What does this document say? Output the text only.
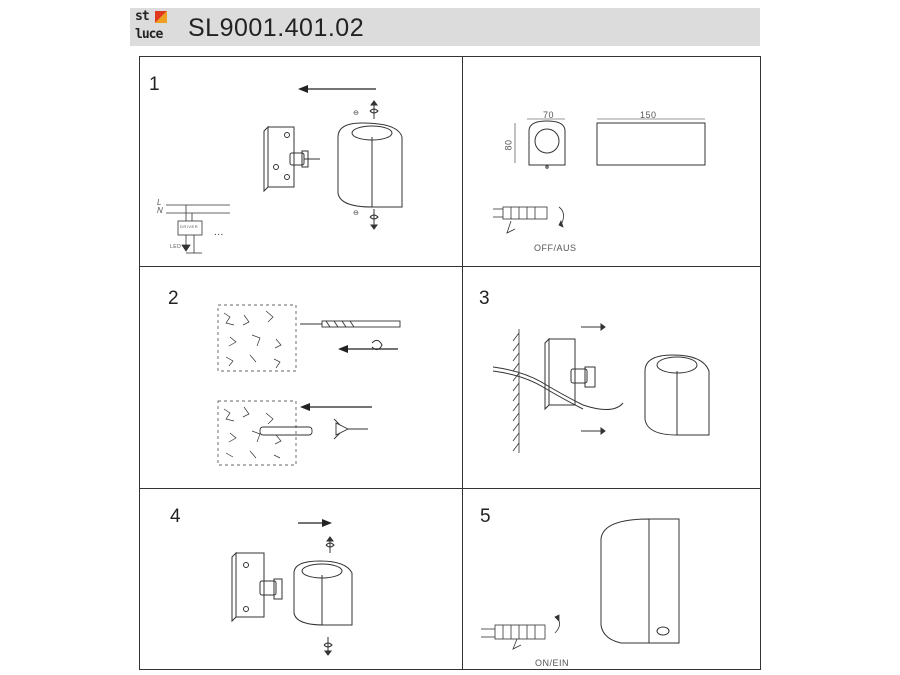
st
luce SL9001.401.02
1
2	3
4	5
⊖
⊖
L
N
DRIVER
LED
...
70	150
80
OFF/AUS
ON/EIN
